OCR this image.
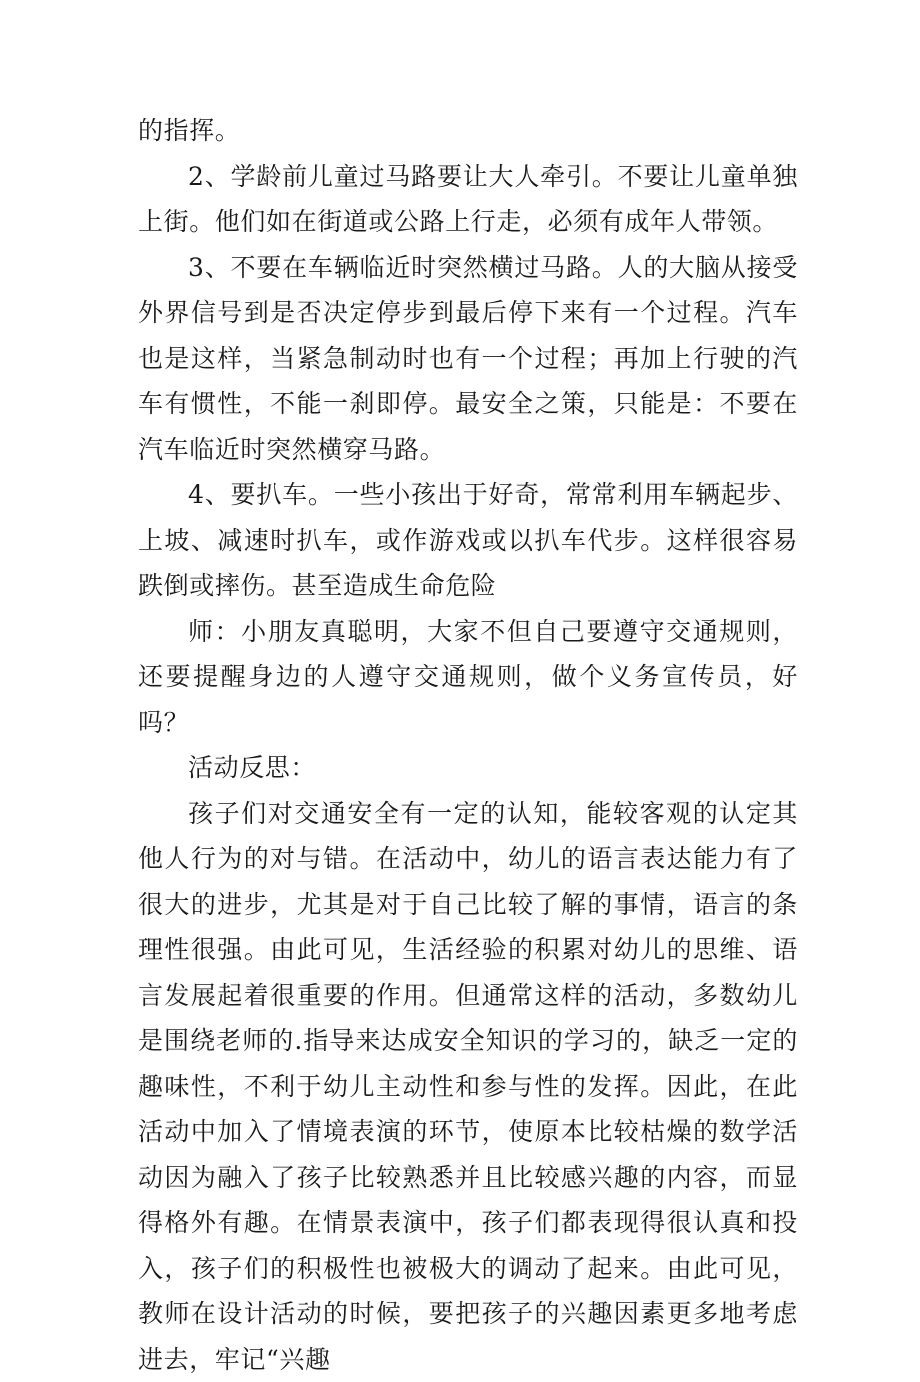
的指挥。

2、学龄前儿童过马路要让大人牵引。不要让儿童单独上街。他们如在街道或公路上行走，必须有成年人带领。

3、不要在车辆临近时突然横过马路。人的大脑从接受外界信号到是否决定停步到最后停下来有一个过程。汽车也是这样，当紧急制动时也有一个过程；再加上行驶的汽车有惯性，不能一刹即停。最安全之策，只能是：不要在汽车临近时突然横穿马路。

4、要扒车。一些小孩出于好奇，常常利用车辆起步、上坡、减速时扒车，或作游戏或以扒车代步。这样很容易跌倒或摔伤。甚至造成生命危险

师：小朋友真聪明，大家不但自己要遵守交通规则，还要提醒身边的人遵守交通规则，做个义务宣传员，好吗？

活动反思：

孩子们对交通安全有一定的认知，能较客观的认定其他人行为的对与错。在活动中，幼儿的语言表达能力有了很大的进步，尤其是对于自己比较了解的事情，语言的条理性很强。由此可见，生活经验的积累对幼儿的思维、语言发展起着很重要的作用。但通常这样的活动，多数幼儿是围绕老师的.指导来达成安全知识的学习的，缺乏一定的趣味性，不利于幼儿主动性和参与性的发挥。因此，在此活动中加入了情境表演的环节，使原本比较枯燥的数学活动因为融入了孩子比较熟悉并且比较感兴趣的内容，而显得格外有趣。在情景表演中，孩子们都表现得很认真和投入，孩子们的积极性也被极大的调动了起来。由此可见，教师在设计活动的时候，要把孩子的兴趣因素更多地考虑进去，牢记“兴趣
